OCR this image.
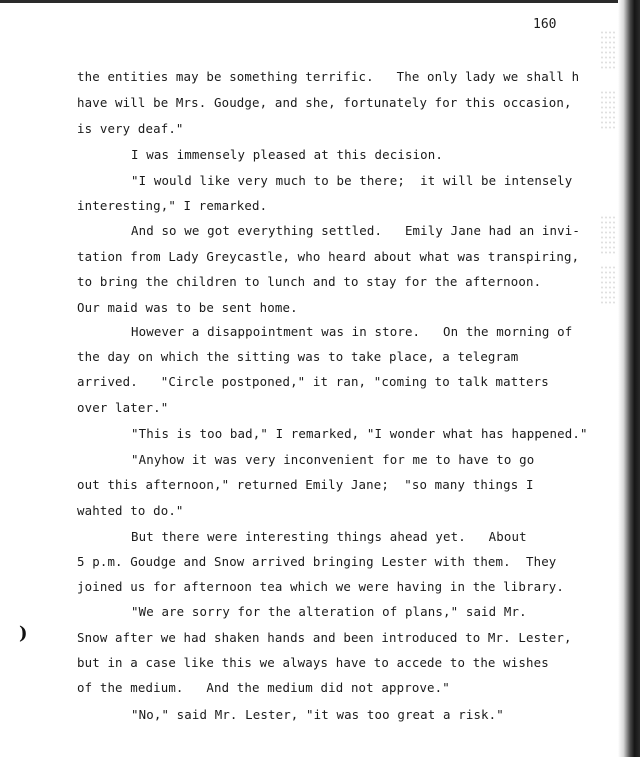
160
the entities may be something terrific.   The only lady we shall h
have will be Mrs. Goudge, and she, fortunately for this occasion,
is very deaf."
I was immensely pleased at this decision.
"I would like very much to be there;  it will be intensely
interesting," I remarked.
And so we got everything settled.   Emily Jane had an invi-
tation from Lady Greycastle, who heard about what was transpiring,
to bring the children to lunch and to stay for the afternoon.
Our maid was to be sent home.
However a disappointment was in store.   On the morning of
the day on which the sitting was to take place, a telegram
arrived.   "Circle postponed," it ran, "coming to talk matters
over later."
"This is too bad," I remarked, "I wonder what has happened."
"Anyhow it was very inconvenient for me to have to go
out this afternoon," returned Emily Jane;  "so many things I
wahted to do."
But there were interesting things ahead yet.   About
5 p.m. Goudge and Snow arrived bringing Lester with them.  They
joined us for afternoon tea which we were having in the library.
"We are sorry for the alteration of plans," said Mr.
Snow after we had shaken hands and been introduced to Mr. Lester,
but in a case like this we always have to accede to the wishes
of the medium.   And the medium did not approve."
"No," said Mr. Lester, "it was too great a risk."
)
